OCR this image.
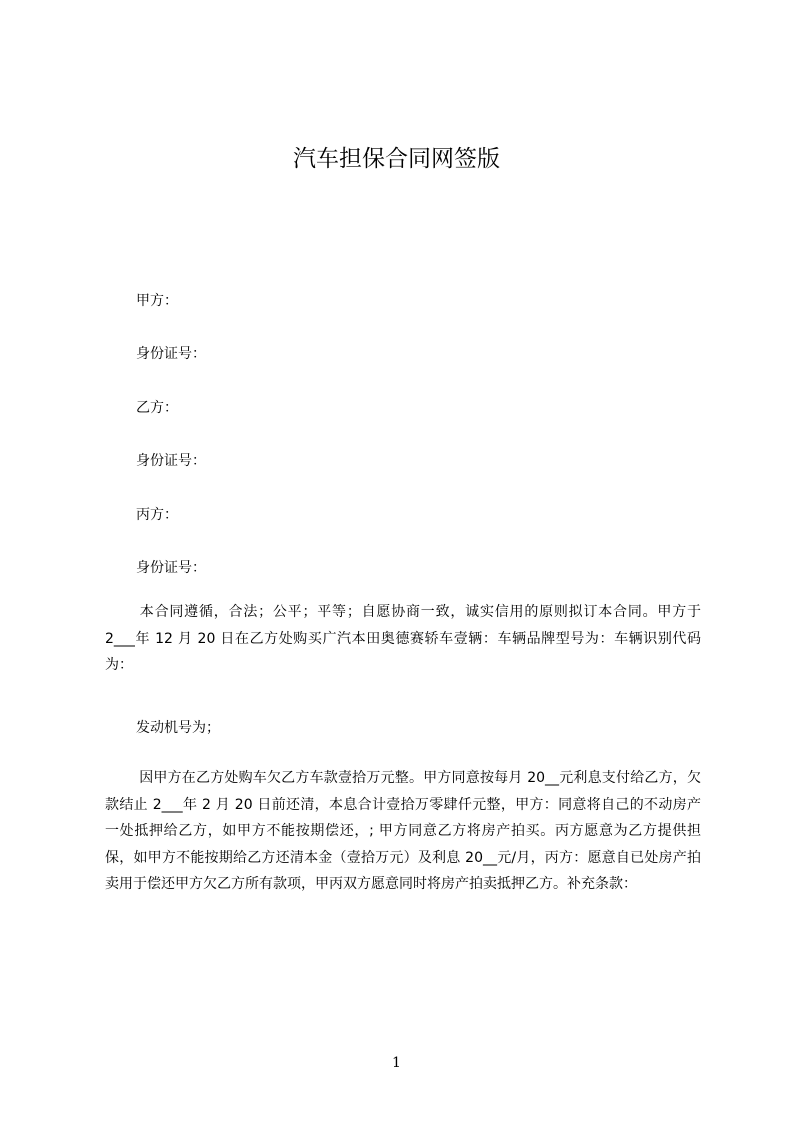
汽车担保合同网签版
甲方：
身份证号：
乙方：
身份证号：
丙方：
身份证号：
本合同遵循，合法；公平；平等；自愿协商一致，诚实信用的原则拟订本合同。甲方于 2___年 12 月 20 日在乙方处购买广汽本田奥德赛轿车壹辆：车辆品牌型号为：车辆识别代码为：
发动机号为；
因甲方在乙方处购车欠乙方车款壹拾万元整。甲方同意按每月 20__元利息支付给乙方，欠款结止 2___年 2 月 20 日前还清，本息合计壹拾万零肆仟元整，甲方：同意将自己的不动房产一处抵押给乙方，如甲方不能按期偿还，; 甲方同意乙方将房产拍买。丙方愿意为乙方提供担保，如甲方不能按期给乙方还清本金（壹拾万元）及利息 20__元/月，丙方：愿意自已处房产拍卖用于偿还甲方欠乙方所有款项，甲丙双方愿意同时将房产拍卖抵押乙方。补充条款：
1
